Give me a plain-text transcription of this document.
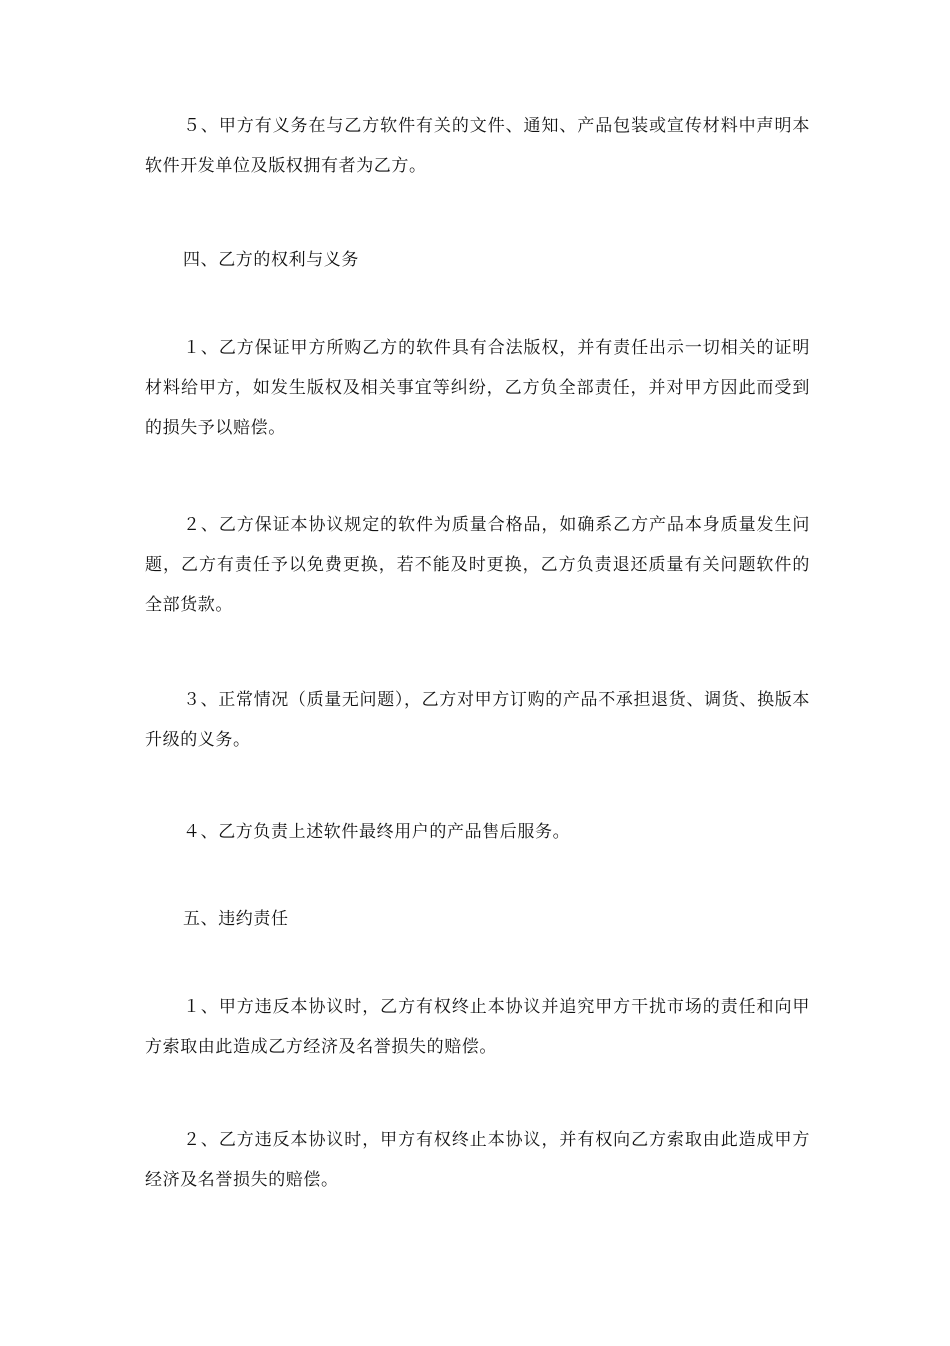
５、甲方有义务在与乙方软件有关的文件、通知、产品包装或宣传材料中声明本软件开发单位及版权拥有者为乙方。
四、乙方的权利与义务
１、乙方保证甲方所购乙方的软件具有合法版权，并有责任出示一切相关的证明材料给甲方，如发生版权及相关事宜等纠纷，乙方负全部责任，并对甲方因此而受到的损失予以赔偿。
２、乙方保证本协议规定的软件为质量合格品，如确系乙方产品本身质量发生问题，乙方有责任予以免费更换，若不能及时更换，乙方负责退还质量有关问题软件的全部货款。
３、正常情况（质量无问题），乙方对甲方订购的产品不承担退货、调货、换版本升级的义务。
４、乙方负责上述软件最终用户的产品售后服务。
五、违约责任
１、甲方违反本协议时，乙方有权终止本协议并追究甲方干扰市场的责任和向甲方索取由此造成乙方经济及名誉损失的赔偿。
２、乙方违反本协议时，甲方有权终止本协议，并有权向乙方索取由此造成甲方经济及名誉损失的赔偿。
